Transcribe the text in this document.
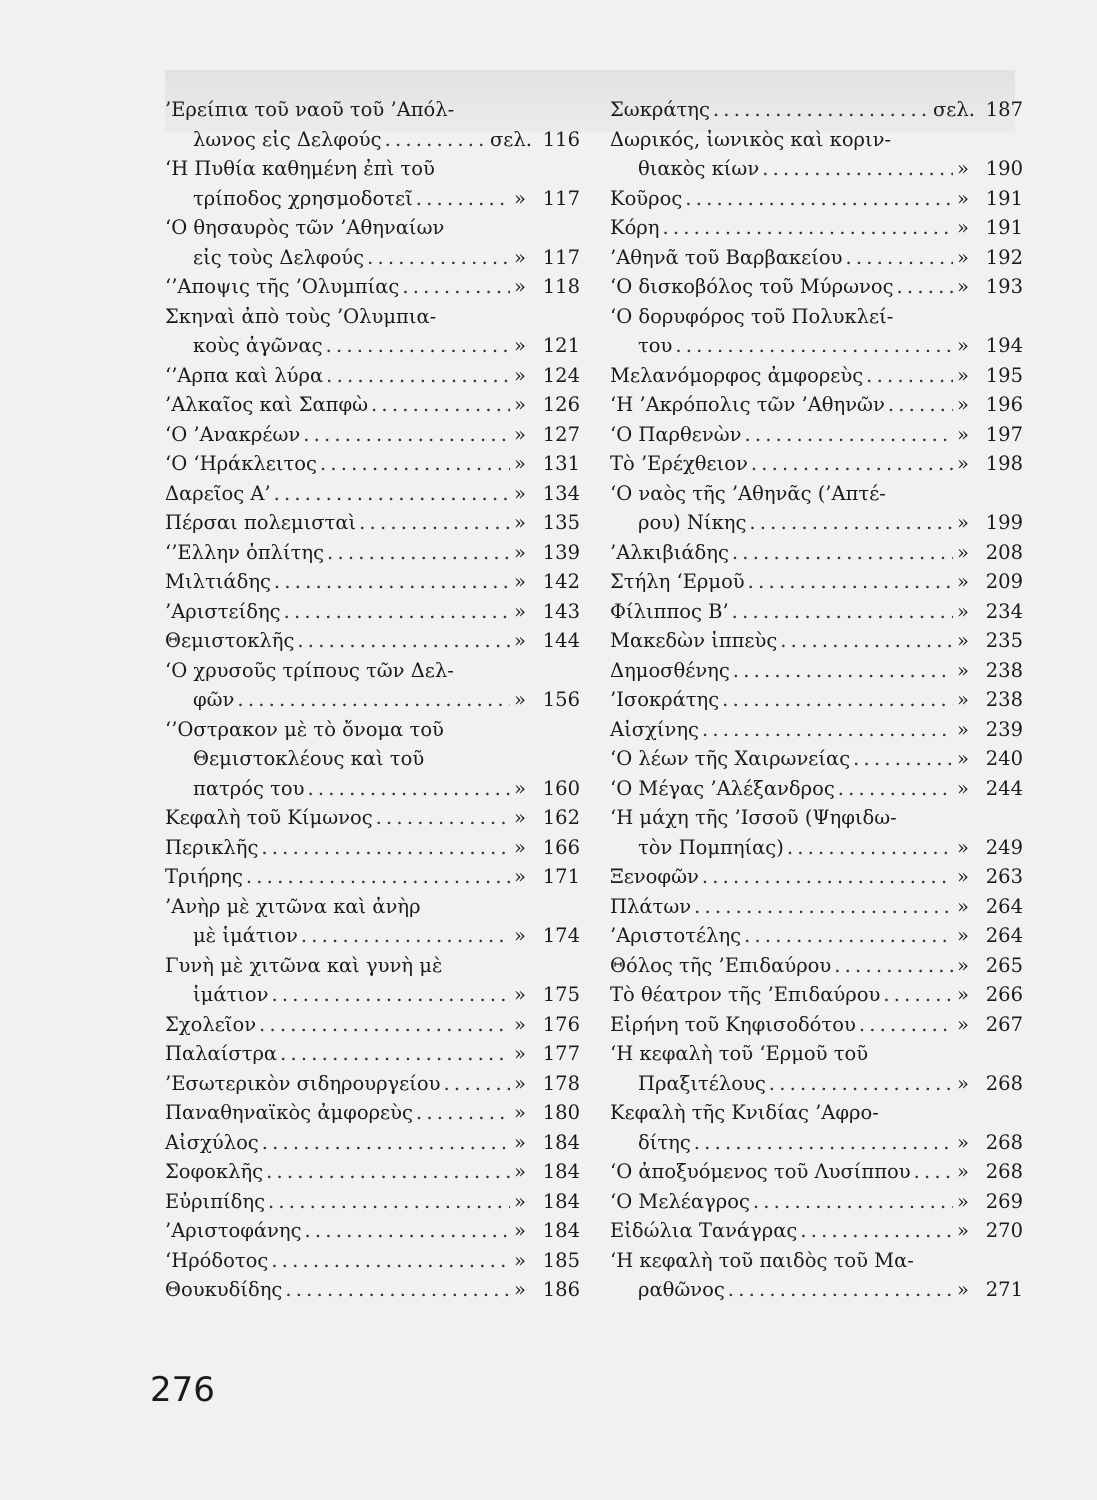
’Ερείπια τοῦ ναοῦ τοῦ ’Απόλ-
λωνος εἰς Δελφούς . . .	σελ. 116
‘Η Πυθία καθημένη ἐπὶ τοῦ
τρίποδος χρησμοδοτεῖ . . .	» 117
‘Ο θησαυρὸς τῶν ’Αθηναίων
εἰς τοὺς Δελφούς . . .	» 117
‘’Αποψις τῆς ’Ολυμπίας . . .	» 118
Σκηναὶ ἀπὸ τοὺς ’Ολυμπια-
κοὺς ἀγῶνας . . .	» 121
‘’Αρπα καὶ λύρα . . .	» 124
’Αλκαῖος καὶ Σαπφὼ . . .	» 126
‘Ο ’Ανακρέων . . .	» 127
‘Ο ‘Ηράκλειτος . . .	» 131
Δαρεῖος Α’ . . .	» 134
Πέρσαι πολεμισταὶ . . .	» 135
‘’Ελλην ὁπλίτης . . .	» 139
Μιλτιάδης . . .	» 142
’Αριστείδης . . .	» 143
Θεμιστοκλῆς . . .	» 144
‘Ο χρυσοῦς τρίπους τῶν Δελ-
φῶν . . .	» 156
‘’Οστρακον μὲ τὸ ὄνομα τοῦ
Θεμιστοκλέους καὶ τοῦ
πατρός του . . .	» 160
Κεφαλὴ τοῦ Κίμωνος . . .	» 162
Περικλῆς . . .	» 166
Τριήρης . . .	» 171
’Ανὴρ μὲ χιτῶνα καὶ ἀνὴρ
μὲ ἱμάτιον . . .	» 174
Γυνὴ μὲ χιτῶνα καὶ γυνὴ μὲ
ἱμάτιον . . .	» 175
Σχολεῖον . . .	» 176
Παλαίστρα . . .	» 177
’Εσωτερικὸν σιδηρουργείου . . .	» 178
Παναθηναϊκὸς ἀμφορεὺς . . .	» 180
Αἰσχύλος . . .	» 184
Σοφοκλῆς . . .	» 184
Εὐριπίδης . . .	» 184
’Αριστοφάνης . . .	» 184
‘Ηρόδοτος . . .	» 185
Θουκυδίδης . . .	» 186
Σωκράτης . . .	σελ. 187
Δωρικός, ἰωνικὸς καὶ κοριν-
θιακὸς κίων . . .	» 190
Κοῦρος . . .	» 191
Κόρη . . .	» 191
’Αθηνᾶ τοῦ Βαρβακείου . . .	» 192
‘Ο δισκοβόλος τοῦ Μύρωνος . . .	» 193
‘Ο δορυφόρος τοῦ Πολυκλεί-
του . . .	» 194
Μελανόμορφος ἀμφορεὺς . . .	» 195
‘Η ’Ακρόπολις τῶν ’Αθηνῶν . . .	» 196
‘Ο Παρθενὼν . . .	» 197
Τὸ ’Ερέχθειον . . .	» 198
‘Ο ναὸς τῆς ’Αθηνᾶς (’Απτέ-
ρου) Νίκης . . .	» 199
’Αλκιβιάδης . . .	» 208
Στήλη ‘Ερμοῦ . . .	» 209
Φίλιππος Β’ . . .	» 234
Μακεδὼν ἱππεὺς . . .	» 235
Δημοσθένης . . .	» 238
’Ισοκράτης . . .	» 238
Αἰσχίνης . . .	» 239
‘Ο λέων τῆς Χαιρωνείας . . .	» 240
‘Ο Μέγας ’Αλέξανδρος . . .	» 244
‘Η μάχη τῆς ’Ισσοῦ (Ψηφιδω-
τὸν Πομπηίας) . . .	» 249
Ξενοφῶν . . .	» 263
Πλάτων . . .	» 264
’Αριστοτέλης . . .	» 264
Θόλος τῆς ’Επιδαύρου . . .	» 265
Τὸ θέατρον τῆς ’Επιδαύρου . . .	» 266
Εἰρήνη τοῦ Κηφισοδότου . . .	» 267
‘Η κεφαλὴ τοῦ ‘Ερμοῦ τοῦ
Πραξιτέλους . . .	» 268
Κεφαλὴ τῆς Κνιδίας ’Αφρο-
δίτης . . .	» 268
‘Ο ἀποξυόμενος τοῦ Λυσίππου . . . » 268
‘Ο Μελέαγρος . . .	» 269
Εἰδώλια Τανάγρας . . .	» 270
‘Η κεφαλὴ τοῦ παιδὸς τοῦ Μα-
ραθῶνος . . .	» 271
276
